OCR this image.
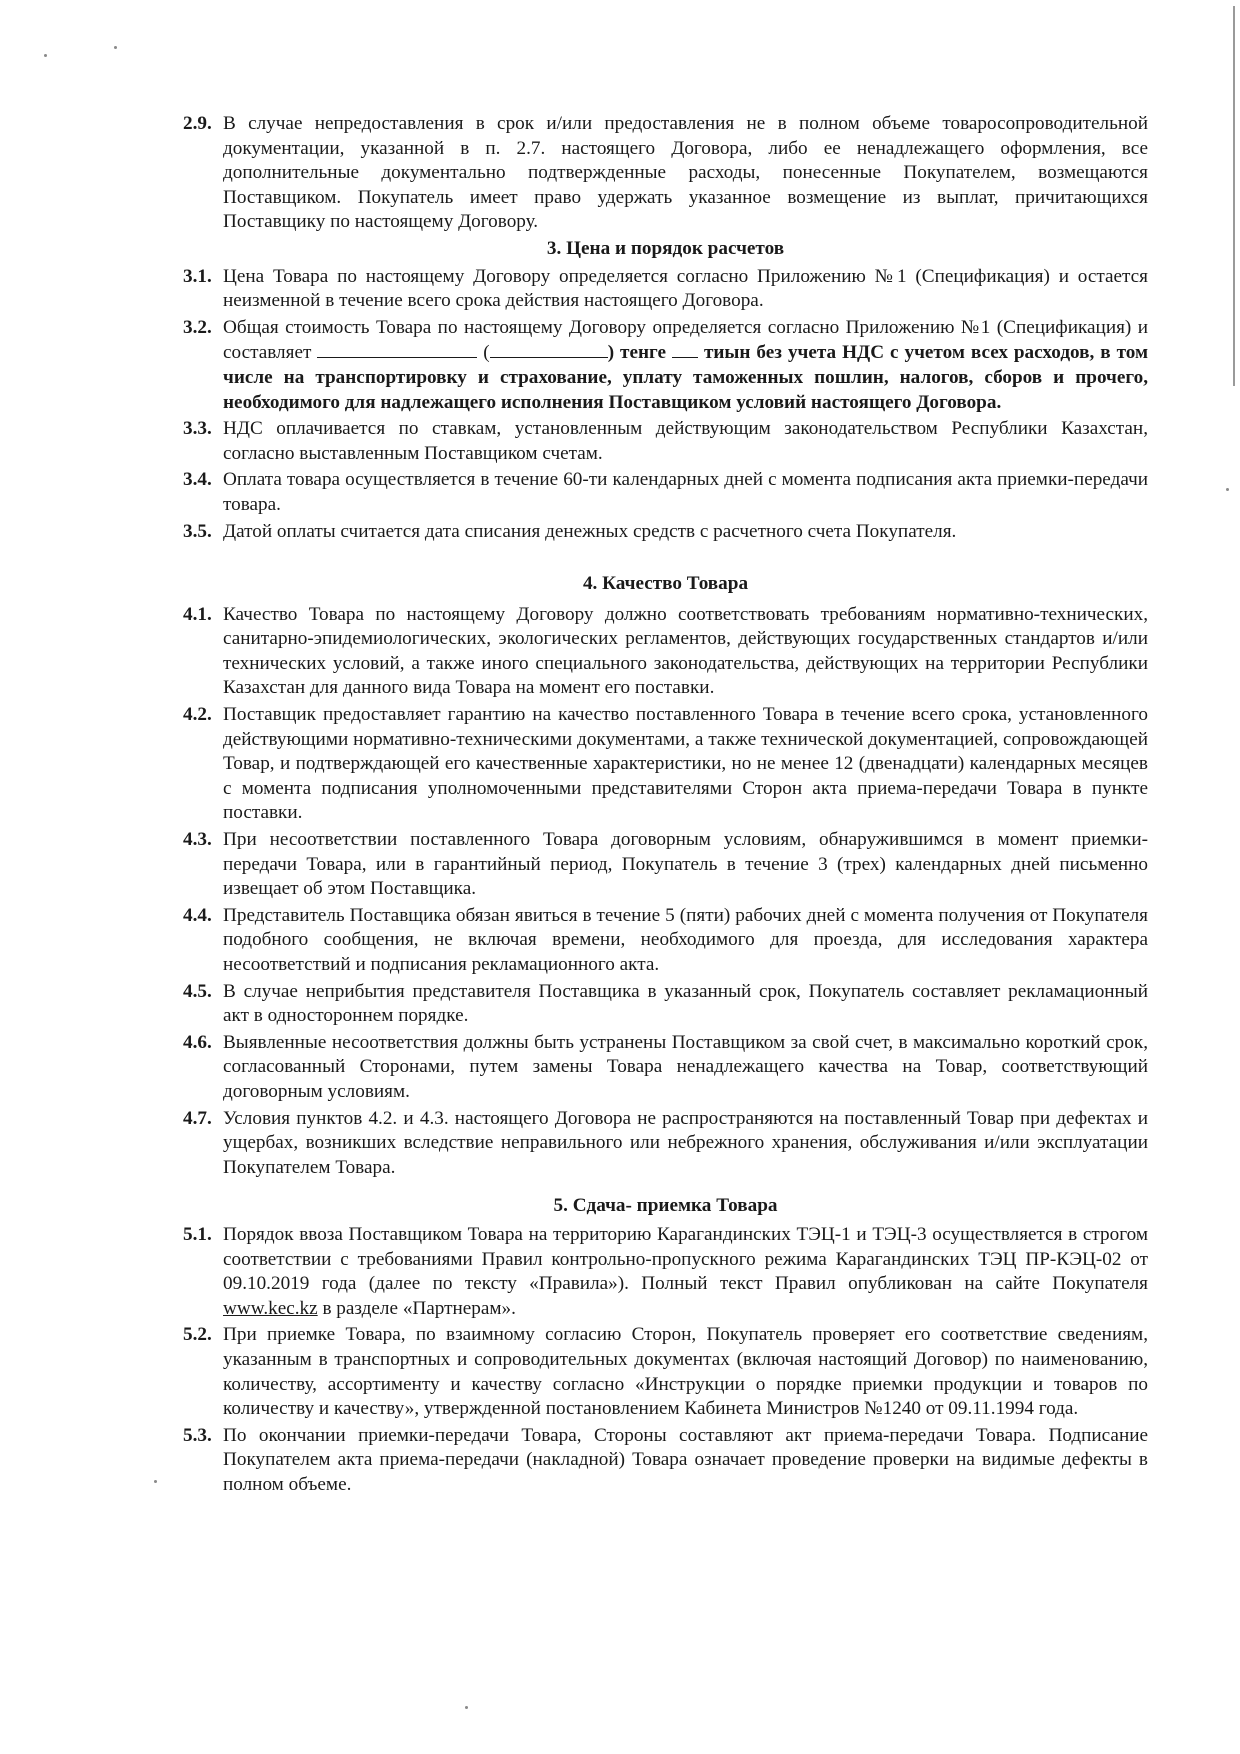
2.9. В случае непредоставления в срок и/или предоставления не в полном объеме товаросопроводительной документации, указанной в п. 2.7. настоящего Договора, либо ее ненадлежащего оформления, все дополнительные документально подтвержденные расходы, понесенные Покупателем, возмещаются Поставщиком. Покупатель имеет право удержать указанное возмещение из выплат, причитающихся Поставщику по настоящему Договору.
3. Цена и порядок расчетов
3.1. Цена Товара по настоящему Договору определяется согласно Приложению №1 (Спецификация) и остается неизменной в течение всего срока действия настоящего Договора.
3.2. Общая стоимость Товара по настоящему Договору определяется согласно Приложению №1 (Спецификация) и составляет	(	) тенге тиын без учета НДС с учетом всех расходов, в том числе на транспортировку и страхование, уплату таможенных пошлин, налогов, сборов и прочего, необходимого для надлежащего исполнения Поставщиком условий настоящего Договора.
3.3. НДС оплачивается по ставкам, установленным действующим законодательством Республики Казахстан, согласно выставленным Поставщиком счетам.
3.4. Оплата товара осуществляется в течение 60-ти календарных дней с момента подписания акта приемки-передачи товара.
3.5. Датой оплаты считается дата списания денежных средств с расчетного счета Покупателя.
4. Качество Товара
4.1. Качество Товара по настоящему Договору должно соответствовать требованиям нормативно-технических, санитарно-эпидемиологических, экологических регламентов, действующих государственных стандартов и/или технических условий, а также иного специального законодательства, действующих на территории Республики Казахстан для данного вида Товара на момент его поставки.
4.2. Поставщик предоставляет гарантию на качество поставленного Товара в течение всего срока, установленного действующими нормативно-техническими документами, а также технической документацией, сопровождающей Товар, и подтверждающей его качественные характеристики, но не менее 12 (двенадцати) календарных месяцев с момента подписания уполномоченными представителями Сторон акта приема-передачи Товара в пункте поставки.
4.3. При несоответствии поставленного Товара договорным условиям, обнаружившимся в момент приемки-передачи Товара, или в гарантийный период, Покупатель в течение 3 (трех) календарных дней письменно извещает об этом Поставщика.
4.4. Представитель Поставщика обязан явиться в течение 5 (пяти) рабочих дней с момента получения от Покупателя подобного сообщения, не включая времени, необходимого для проезда, для исследования характера несоответствий и подписания рекламационного акта.
4.5. В случае неприбытия представителя Поставщика в указанный срок, Покупатель составляет рекламационный акт в одностороннем порядке.
4.6. Выявленные несоответствия должны быть устранены Поставщиком за свой счет, в максимально короткий срок, согласованный Сторонами, путем замены Товара ненадлежащего качества на Товар, соответствующий договорным условиям.
4.7. Условия пунктов 4.2. и 4.3. настоящего Договора не распространяются на поставленный Товар при дефектах и ущербах, возникших вследствие неправильного или небрежного хранения, обслуживания и/или эксплуатации Покупателем Товара.
5. Сдача- приемка Товара
5.1. Порядок ввоза Поставщиком Товара на территорию Карагандинских ТЭЦ-1 и ТЭЦ-3 осуществляется в строгом соответствии с требованиями Правил контрольно-пропускного режима Карагандинских ТЭЦ ПР-КЭЦ-02 от 09.10.2019 года (далее по тексту «Правила»). Полный текст Правил опубликован на сайте Покупателя www.kec.kz в разделе «Партнерам».
5.2. При приемке Товара, по взаимному согласию Сторон, Покупатель проверяет его соответствие сведениям, указанным в транспортных и сопроводительных документах (включая настоящий Договор) по наименованию, количеству, ассортименту и качеству согласно «Инструкции о порядке приемки продукции и товаров по количеству и качеству», утвержденной постановлением Кабинета Министров №1240 от 09.11.1994 года.
5.3. По окончании приемки-передачи Товара, Стороны составляют акт приема-передачи Товара. Подписание Покупателем акта приема-передачи (накладной) Товара означает проведение проверки на видимые дефекты в полном объеме.
